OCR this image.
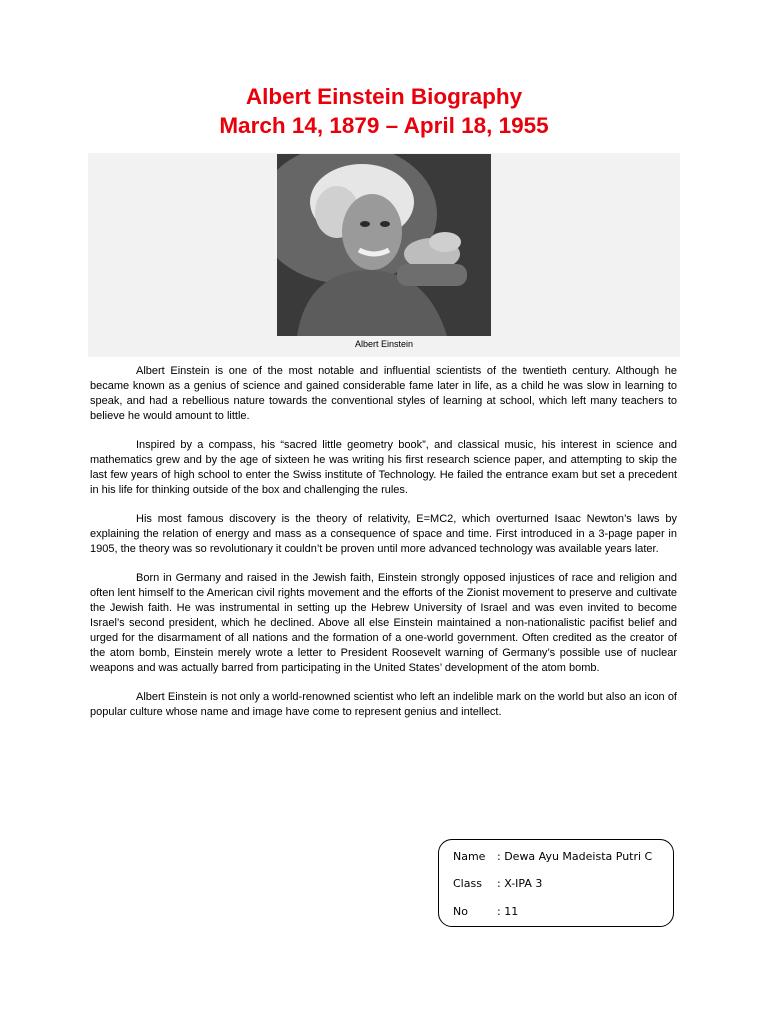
Albert Einstein Biography
March 14, 1879 – April 18, 1955
Albert Einstein

Albert Einstein is one of the most notable and influential scientists of the twentieth century. Although he became known as a genius of science and gained considerable fame later in life, as a child he was slow in learning to speak, and had a rebellious nature towards the conventional styles of learning at school, which left many teachers to believe he would amount to little.

Inspired by a compass, his “sacred little geometry book”, and classical music, his interest in science and mathematics grew and by the age of sixteen he was writing his first research science paper, and attempting to skip the last few years of high school to enter the Swiss institute of Technology. He failed the entrance exam but set a precedent in his life for thinking outside of the box and challenging the rules.

His most famous discovery is the theory of relativity, E=MC2, which overturned Isaac Newton’s laws by explaining the relation of energy and mass as a consequence of space and time. First introduced in a 3-page paper in 1905, the theory was so revolutionary it couldn’t be proven until more advanced technology was available years later.

Born in Germany and raised in the Jewish faith, Einstein strongly opposed injustices of race and religion and often lent himself to the American civil rights movement and the efforts of the Zionist movement to preserve and cultivate the Jewish faith. He was instrumental in setting up the Hebrew University of Israel and was even invited to become Israel’s second president, which he declined. Above all else Einstein maintained a non-nationalistic pacifist belief and urged for the disarmament of all nations and the formation of a one-world government. Often credited as the creator of the atom bomb, Einstein merely wrote a letter to President Roosevelt warning of Germany’s possible use of nuclear weapons and was actually barred from participating in the United States’ development of the atom bomb.

Albert Einstein is not only a world-renowned scientist who left an indelible mark on the world but also an icon of popular culture whose name and image have come to represent genius and intellect.

Name	: Dewa Ayu Madeista Putri C
Class	: X-IPA 3
No	: 11
